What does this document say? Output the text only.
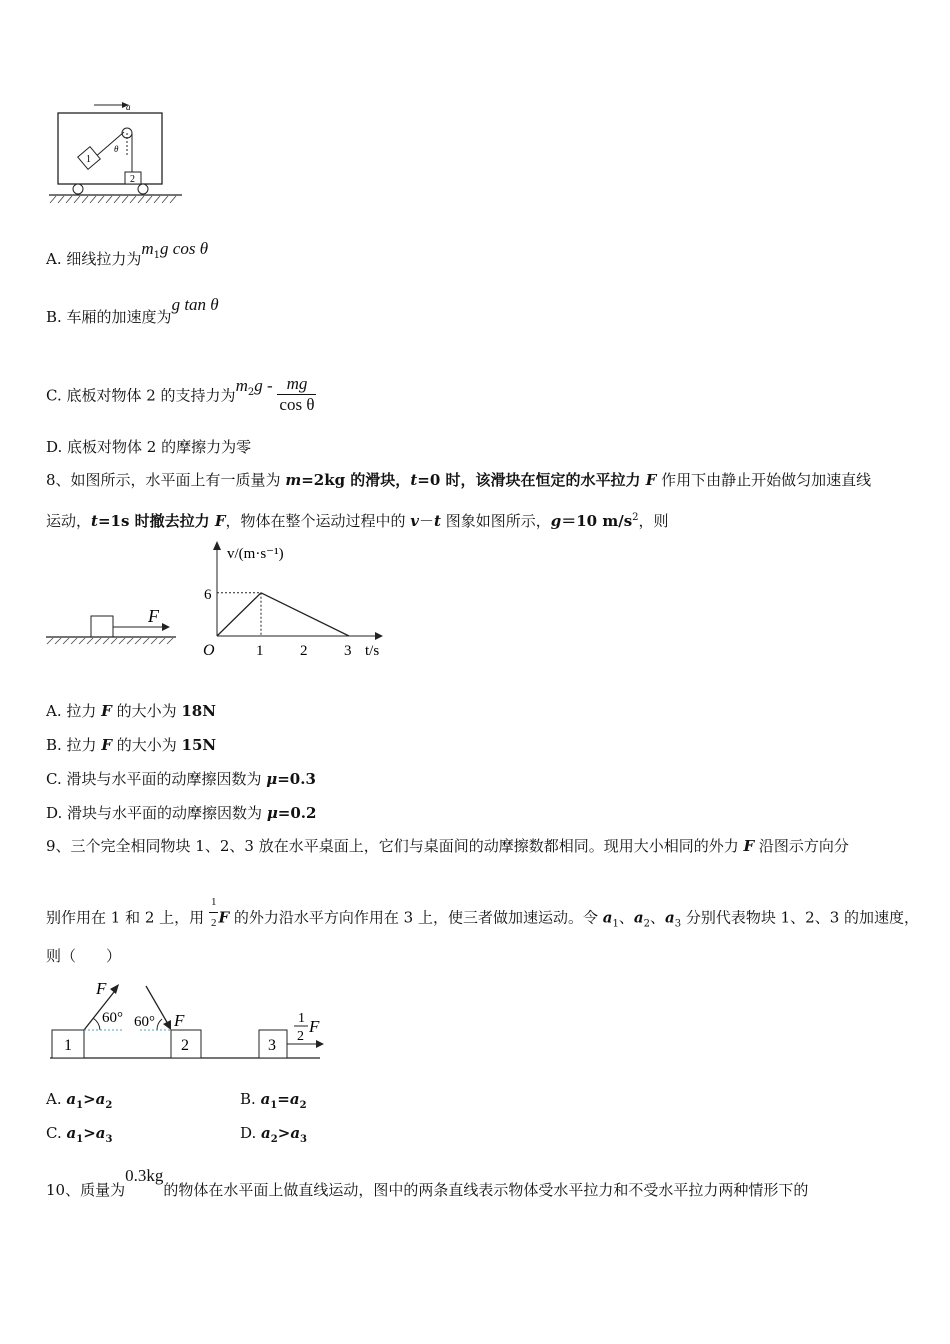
a
θ
1
2
A. 细线拉力为$m_1g$ cos θ
B. 车厢的加速度为g tan θ
C. 底板对物体 2 的支持力为$m_2g - \frac{mg}{\text{cos θ}}$
D. 底板对物体 2 的摩擦力为零
8、如图所示，水平面上有一质量为 m=2kg 的滑块，t=0 时，该滑块在恒定的水平拉力 F 作用下由静止开始做匀加速直线
运动，t=1s 时撤去拉力 F，物体在整个运动过程中的 v－t 图象如图所示，g＝10 $m/s^2$，则
F
v/(m·s⁻¹)
t/s
O	1 2 3
6
A. 拉力 F 的大小为 18N
B. 拉力 F 的大小为 15N
C. 滑块与水平面的动摩擦因数为 μ=0.3
D. 滑块与水平面的动摩擦因数为 μ=0.2
9、三个完全相同物块 1、2、3 放在水平桌面上，它们与桌面间的动摩擦数都相同。现用大小相同的外力 F 沿图示方向分
别作用在 1 和 2 上，用 $\frac{1}{2}$ F 的外力沿水平方向作用在 3 上，使三者做加速运动。令 $a_1$、$a_2$、$a_3$ 分别代表物块 1、2、3 的加速度，
则（　　）
1	2	3
F
60° 60° F	1
2
F
A. $a_1>a_2$	B. $a_1=a_2$
C. $a_1>a_3$	D. $a_2>a_3$
10、质量为0.3kg的物体在水平面上做直线运动，图中的两条直线表示物体受水平拉力和不受水平拉力两种情形下的
